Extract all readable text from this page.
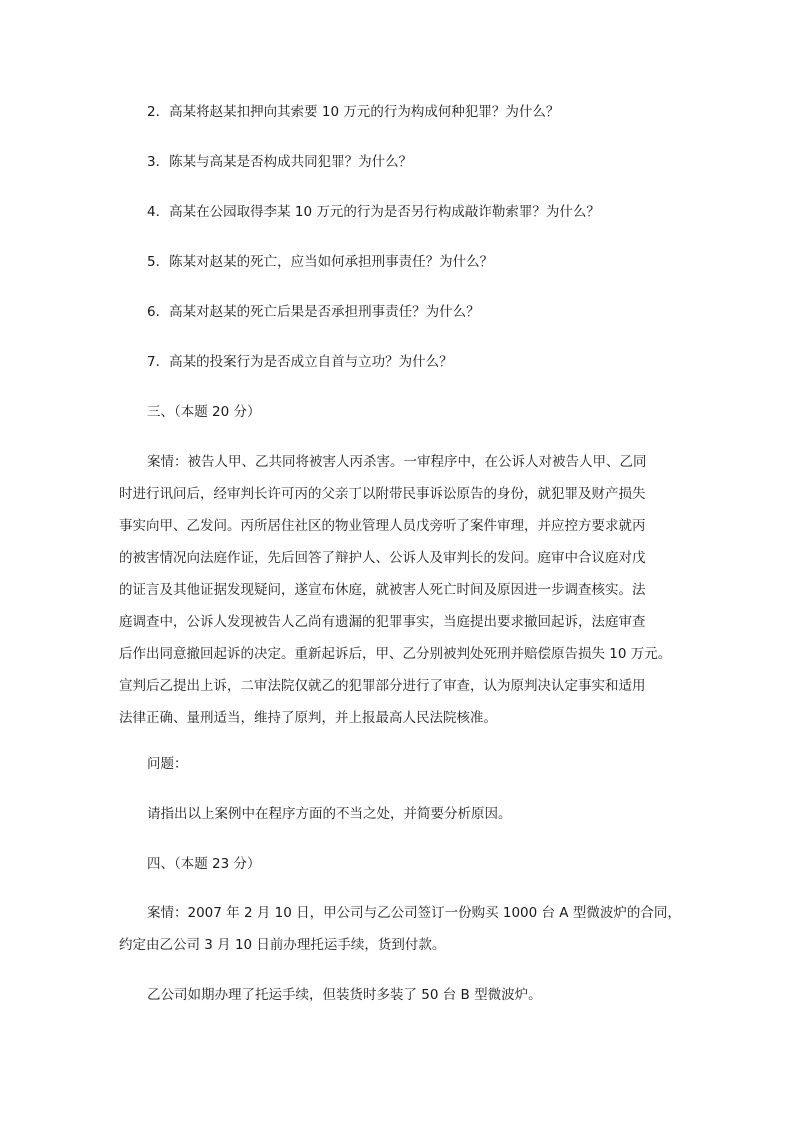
2．高某将赵某扣押向其索要 10 万元的行为构成何种犯罪？为什么？
3．陈某与高某是否构成共同犯罪？为什么？
4．高某在公园取得李某 10 万元的行为是否另行构成敲诈勒索罪？为什么？
5．陈某对赵某的死亡，应当如何承担刑事责任？为什么？
6．高某对赵某的死亡后果是否承担刑事责任？为什么？
7．高某的投案行为是否成立自首与立功？为什么？
三、（本题 20 分）
案情：被告人甲、乙共同将被害人丙杀害。一审程序中，在公诉人对被告人甲、乙同
时进行讯问后，经审判长许可丙的父亲丁以附带民事诉讼原告的身份，就犯罪及财产损失
事实向甲、乙发问。丙所居住社区的物业管理人员戊旁听了案件审理，并应控方要求就丙
的被害情况向法庭作证，先后回答了辩护人、公诉人及审判长的发问。庭审中合议庭对戊
的证言及其他证据发现疑问，遂宣布休庭，就被害人死亡时间及原因进一步调查核实。法
庭调查中，公诉人发现被告人乙尚有遗漏的犯罪事实，当庭提出要求撤回起诉，法庭审查
后作出同意撤回起诉的决定。重新起诉后，甲、乙分别被判处死刑并赔偿原告损失 10 万元。
宣判后乙提出上诉，二审法院仅就乙的犯罪部分进行了审查，认为原判决认定事实和适用
法律正确、量刑适当，维持了原判，并上报最高人民法院核准。
问题：
请指出以上案例中在程序方面的不当之处，并简要分析原因。
四、（本题 23 分）
案情：2007 年 2 月 10 日，甲公司与乙公司签订一份购买 1000 台 A 型微波炉的合同，
约定由乙公司 3 月 10 日前办理托运手续，货到付款。
乙公司如期办理了托运手续，但装货时多装了 50 台 B 型微波炉。
